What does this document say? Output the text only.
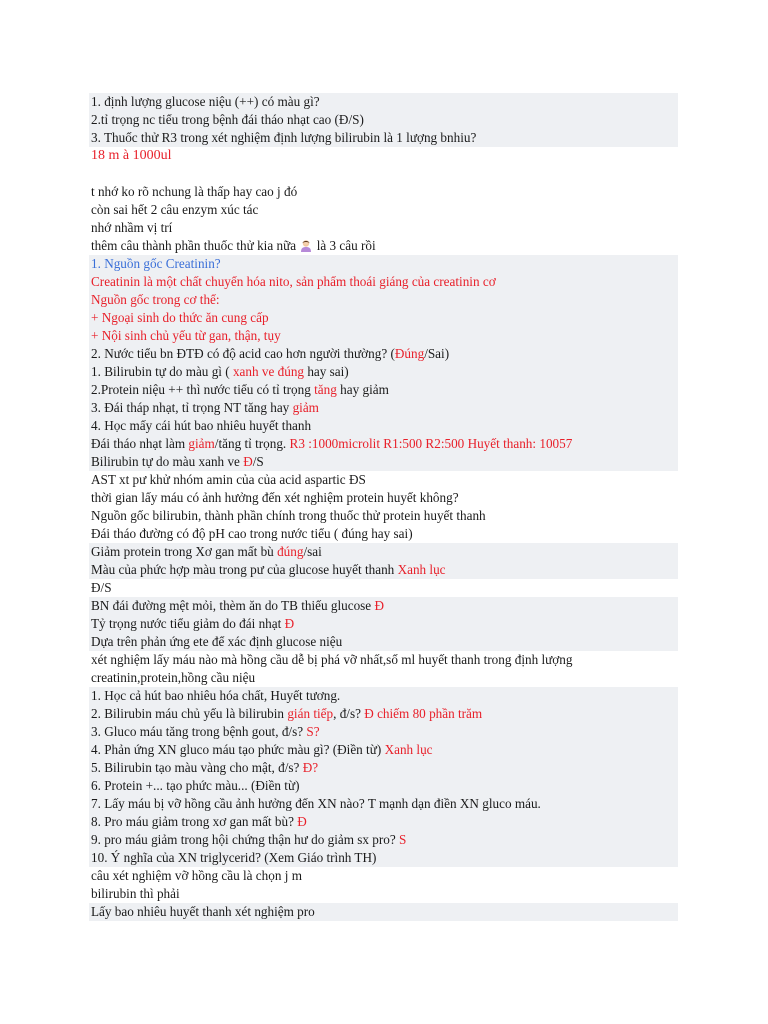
1. định lượng glucose niệu (++) có màu gì?
2.tỉ trọng nc tiểu trong bệnh đái tháo nhạt cao (Đ/S)
3. Thuốc thử R3 trong xét nghiệm định lượng bilirubin là 1 lượng bnhiu?
18 m à 1000ul
t nhớ ko rõ nchung là thấp hay cao j đó
còn sai hết 2 câu enzym xúc tác
nhớ nhầm vị trí
thêm câu thành phần thuốc thử kia nữa  là 3 câu rồi
1. Nguồn gốc Creatinin?
Creatinin là một chất chuyển hóa nito, sản phẩm thoái giáng của creatinin cơ
Nguồn gốc trong cơ thể:
+ Ngoại sinh do thức ăn cung cấp
+ Nội sinh chủ yếu từ gan, thận, tụy
2. Nước tiểu bn ĐTĐ có độ acid cao hơn người thường? (Đúng/Sai)
1. Bilirubin tự do màu gì ( xanh ve đúng hay sai)
2.Protein niệu ++ thì nước tiểu có tỉ trọng tăng hay giảm
3. Đái tháp nhạt, tỉ trọng NT tăng hay giảm
4. Học mấy cái hút bao nhiêu huyết thanh
Đái tháo nhạt làm giảm/tăng tỉ trọng. R3 :1000microlit R1:500 R2:500 Huyết thanh: 10057
Bilirubin tự do màu xanh ve Đ/S
AST xt pư khử nhóm amin của của acid aspartic ĐS
thời gian lấy máu có ảnh hưởng đến xét nghiệm protein huyết không?
Nguồn gốc bilirubin, thành phần chính trong thuốc thử protein huyết thanh
Đái tháo đường có độ pH cao trong nước tiểu ( đúng hay sai)
Giảm protein trong Xơ gan mất bù đúng/sai
Màu của phức hợp màu trong pư của glucose huyết thanh Xanh lục
Đ/S
BN đái đường mệt mỏi, thèm ăn do TB thiếu glucose Đ
Tỷ trọng nước tiểu giảm do đái nhạt Đ
Dựa trên phản ứng ete để xác định glucose niệu
xét nghiệm lấy máu nào mà hồng cầu dễ bị phá vỡ nhất,số ml huyết thanh trong định lượng creatinin,protein,hồng cầu niệu
1. Học cả hút bao nhiêu hóa chất, Huyết tương.
2. Bilirubin máu chủ yếu là bilirubin gián tiếp, đ/s? Đ chiếm 80 phần trăm
3. Gluco máu tăng trong bệnh gout, đ/s? S?
4. Phản ứng XN gluco máu tạo phức màu gì? (Điền từ) Xanh lục
5. Bilirubin tạo màu vàng cho mật, đ/s? Đ?
6. Protein +... tạo phức màu... (Điền từ)
7. Lấy máu bị vỡ hồng cầu ảnh hưởng đến XN nào? T mạnh dạn điền XN gluco máu.
8. Pro máu giảm trong xơ gan mất bù? Đ
9. pro máu giảm trong hội chứng thận hư do giảm sx pro? S
10. Ý nghĩa của XN triglycerid? (Xem Giáo trình TH)
câu xét nghiệm vỡ hồng cầu là chọn j m
bilirubin thì phải
Lấy bao nhiêu huyết thanh xét nghiệm pro
